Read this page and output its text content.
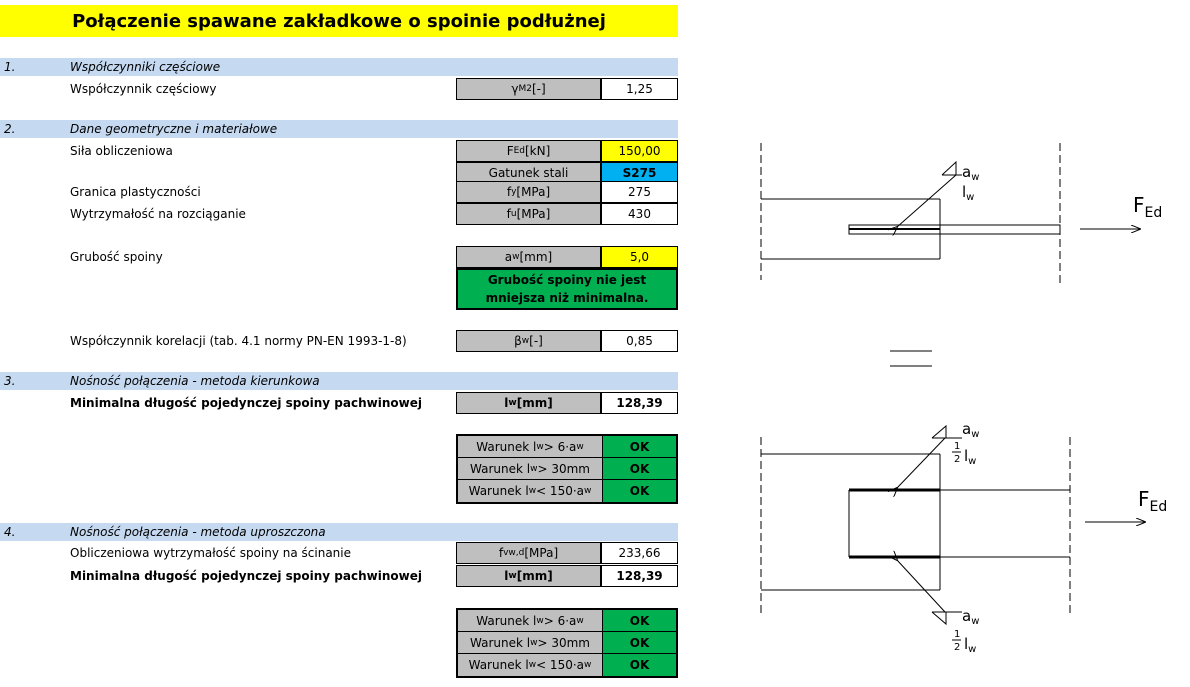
Połączenie spawane zakładkowe o spoinie podłużnej
1.	Współczynniki częściowe
Współczynnik częściowy	γ M2 [-]	1,25
2.	Dane geometryczne i materiałowe
Siła obliczeniowa	F Ed [kN]	150,00
Gatunek stali	S275
Granica plastyczności	f y [MPa]	275
Wytrzymałość na rozciąganie	f u [MPa]	430
Grubość spoiny	a w [mm]	5,0
Grubość spoiny nie jest mniejsza niż minimalna.
Współczynnik korelacji (tab. 4.1 normy PN-EN 1993-1-8)	β w [-]	0,85
3.	Nośność połączenia - metoda kierunkowa
Minimalna długość pojedynczej spoiny pachwinowej	l w [mm]	128,39
Warunek l w > 6·a w	OK
Warunek l w > 30mm	OK
Warunek l w < 150·a w	OK
4.	Nośność połączenia - metoda uproszczona
Obliczeniowa wytrzymałość spoiny na ścinanie	f vw,d [MPa]	233,66
Minimalna długość pojedynczej spoiny pachwinowej	l w [mm]	128,39
Warunek l w > 6·a w	OK
Warunek l w > 30mm	OK
Warunek l w < 150·a w	OK
$a_w$
$l_w$	$F_{Ed}$
$a_w$
1
2 $l_w$
$a_w$
1
2 $l_w$
$F_{Ed}$
